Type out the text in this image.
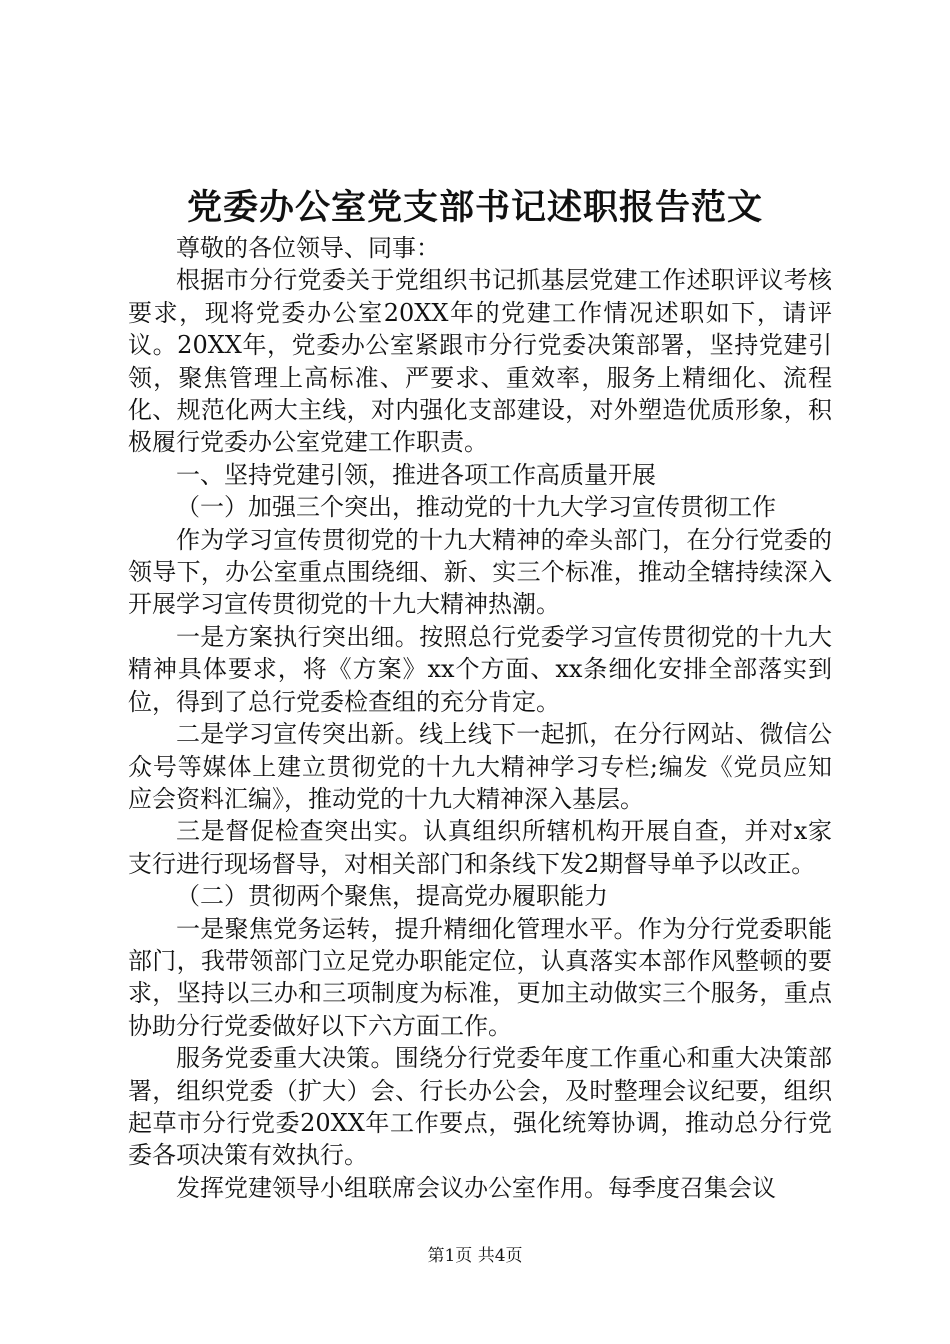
党委办公室党支部书记述职报告范文

尊敬的各位领导、同事：

根据市分行党委关于党组织书记抓基层党建工作述职评议考核要求，现将党委办公室20XX年的党建工作情况述职如下，请评议。20XX年，党委办公室紧跟市分行党委决策部署，坚持党建引领，聚焦管理上高标准、严要求、重效率，服务上精细化、流程化、规范化两大主线，对内强化支部建设，对外塑造优质形象，积极履行党委办公室党建工作职责。

一、坚持党建引领，推进各项工作高质量开展

（一）加强三个突出，推动党的十九大学习宣传贯彻工作

作为学习宣传贯彻党的十九大精神的牵头部门，在分行党委的领导下，办公室重点围绕细、新、实三个标准，推动全辖持续深入开展学习宣传贯彻党的十九大精神热潮。

一是方案执行突出细。按照总行党委学习宣传贯彻党的十九大精神具体要求，将《方案》xx个方面、xx条细化安排全部落实到位，得到了总行党委检查组的充分肯定。

二是学习宣传突出新。线上线下一起抓，在分行网站、微信公众号等媒体上建立贯彻党的十九大精神学习专栏;编发《党员应知应会资料汇编》，推动党的十九大精神深入基层。

三是督促检查突出实。认真组织所辖机构开展自查，并对x家支行进行现场督导，对相关部门和条线下发2期督导单予以改正。

（二）贯彻两个聚焦，提高党办履职能力

一是聚焦党务运转，提升精细化管理水平。作为分行党委职能部门，我带领部门立足党办职能定位，认真落实本部作风整顿的要求，坚持以三办和三项制度为标准，更加主动做实三个服务，重点协助分行党委做好以下六方面工作。

服务党委重大决策。围绕分行党委年度工作重心和重大决策部署，组织党委（扩大）会、行长办公会，及时整理会议纪要，组织起草市分行党委20XX年工作要点，强化统筹协调，推动总分行党委各项决策有效执行。

发挥党建领导小组联席会议办公室作用。每季度召集会议

第1页 共4页
